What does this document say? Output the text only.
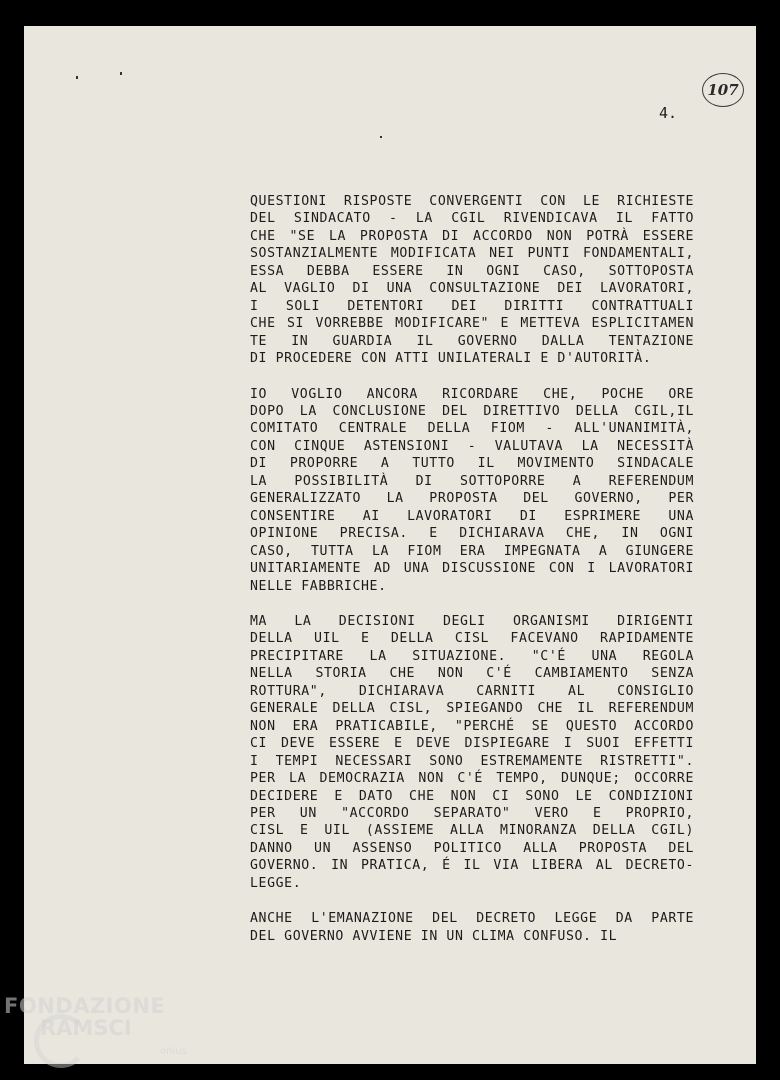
107
4.

QUESTIONI RISPOSTE CONVERGENTI CON LE RICHIESTE
DEL SINDACATO - LA CGIL RIVENDICAVA IL FATTO
CHE "SE LA PROPOSTA DI ACCORDO NON POTRÀ ESSERE
SOSTANZIALMENTE MODIFICATA NEI PUNTI FONDAMENTALI,
ESSA DEBBA ESSERE IN OGNI CASO, SOTTOPOSTA
AL VAGLIO DI UNA CONSULTAZIONE DEI LAVORATORI,
I SOLI DETENTORI DEI DIRITTI CONTRATTUALI
CHE SI VORREBBE MODIFICARE" E METTEVA ESPLICITAMEN
TE IN GUARDIA IL GOVERNO DALLA TENTAZIONE
DI PROCEDERE CON ATTI UNILATERALI E D'AUTORITÀ.

IO VOGLIO ANCORA RICORDARE CHE, POCHE ORE
DOPO LA CONCLUSIONE DEL DIRETTIVO DELLA CGIL,IL
COMITATO CENTRALE DELLA FIOM - ALL'UNANIMITÀ,
CON CINQUE ASTENSIONI - VALUTAVA LA NECESSITÀ
DI PROPORRE A TUTTO IL MOVIMENTO SINDACALE
LA POSSIBILITÀ DI SOTTOPORRE A REFERENDUM
GENERALIZZATO LA PROPOSTA DEL GOVERNO, PER
CONSENTIRE AI LAVORATORI DI ESPRIMERE UNA
OPINIONE PRECISA. E DICHIARAVA CHE, IN OGNI
CASO, TUTTA LA FIOM ERA IMPEGNATA A GIUNGERE
UNITARIAMENTE AD UNA DISCUSSIONE CON I LAVORATORI
NELLE FABBRICHE.

MA LA DECISIONI DEGLI ORGANISMI DIRIGENTI
DELLA UIL E DELLA CISL FACEVANO RAPIDAMENTE
PRECIPITARE LA SITUAZIONE. "C'É UNA REGOLA
NELLA STORIA CHE NON C'É CAMBIAMENTO SENZA
ROTTURA", DICHIARAVA CARNITI AL CONSIGLIO
GENERALE DELLA CISL, SPIEGANDO CHE IL REFERENDUM
NON ERA PRATICABILE, "PERCHÉ SE QUESTO ACCORDO
CI DEVE ESSERE E DEVE DISPIEGARE I SUOI EFFETTI
I TEMPI NECESSARI SONO ESTREMAMENTE RISTRETTI".
PER LA DEMOCRAZIA NON C'É TEMPO, DUNQUE; OCCORRE
DECIDERE E DATO CHE NON CI SONO LE CONDIZIONI
PER UN "ACCORDO SEPARATO" VERO E PROPRIO,
CISL E UIL (ASSIEME ALLA MINORANZA DELLA CGIL)
DANNO UN ASSENSO POLITICO ALLA PROPOSTA DEL
GOVERNO. IN PRATICA, É IL VIA LIBERA AL DECRETO-
LEGGE.

ANCHE L'EMANAZIONE DEL DECRETO LEGGE DA PARTE
DEL GOVERNO AVVIENE IN UN CLIMA CONFUSO. IL

FONDAZIONE
RAMSCI
onlus
